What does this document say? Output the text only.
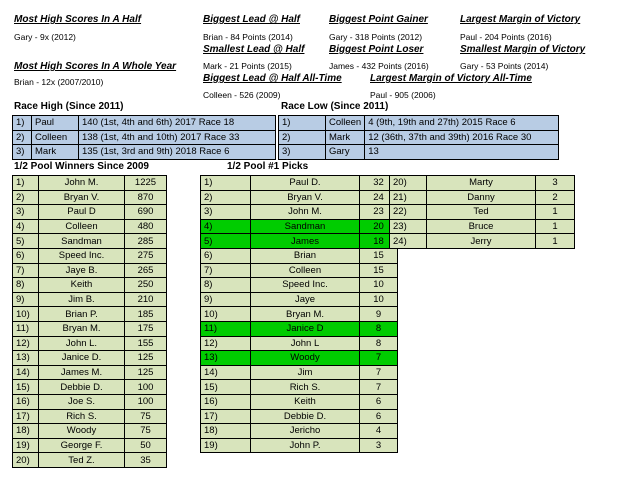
Most High Scores In A Half
Gary - 9x (2012)
Most High Scores In A Whole Year
Brian - 12x (2007/2010)
Biggest Lead @ Half
Brian - 84 Points (2014)
Smallest Lead @ Half
Mark - 21 Points (2015)
Biggest Lead @ Half All-Time
Colleen - 526 (2009)
Biggest Point Gainer
Gary - 318 Points (2012)
Biggest Point Loser
James - 432 Points (2016)
Largest Margin of Victory
Paul - 204 Points (2016)
Smallest Margin of Victory
Gary - 53 Points (2014)
Largest Margin of Victory All-Time
Paul - 905 (2006)
Race High (Since 2011)
1)	Paul	140 (1st, 4th and 6th) 2017 Race 18
2)	Colleen	138 (1st, 4th and 10th) 2017 Race 33
3)	Mark	135 (1st, 3rd and 9th) 2018 Race 6
Race Low (Since 2011)
1)	Colleen	4 (9th, 19th and 27th) 2015 Race 6
2)	Mark	12 (36th, 37th and 39th) 2016 Race 30
3)	Gary	13
1/2 Pool Winners Since 2009
1)	John M.	1225
2)	Bryan V.	870
3)	Paul D	690
4)	Colleen	480
5)	Sandman	285
6)	Speed Inc.	275
7)	Jaye B.	265
8)	Keith	250
9)	Jim B.	210
10)	Brian P.	185
11)	Bryan M.	175
12)	John L.	155
13)	Janice D.	125
14)	James M.	125
15)	Debbie D.	100
16)	Joe S.	100
17)	Rich S.	75
18)	Woody	75
19)	George F.	50
20)	Ted Z.	35
1/2 Pool #1 Picks
1)	Paul D.	32
2)	Bryan V.	24
3)	John M.	23
4)	Sandman	20
5)	James	18
6)	Brian	15
7)	Colleen	15
8)	Speed Inc.	10
9)	Jaye	10
10)	Bryan M.	9
11)	Janice D	8
12)	John L	8
13)	Woody	7
14)	Jim	7
15)	Rich S.	7
16)	Keith	6
17)	Debbie D.	6
18)	Jericho	4
19)	John P.	3
20)	Marty	3
21)	Danny	2
22)	Ted	1
23)	Bruce	1
24)	Jerry	1
